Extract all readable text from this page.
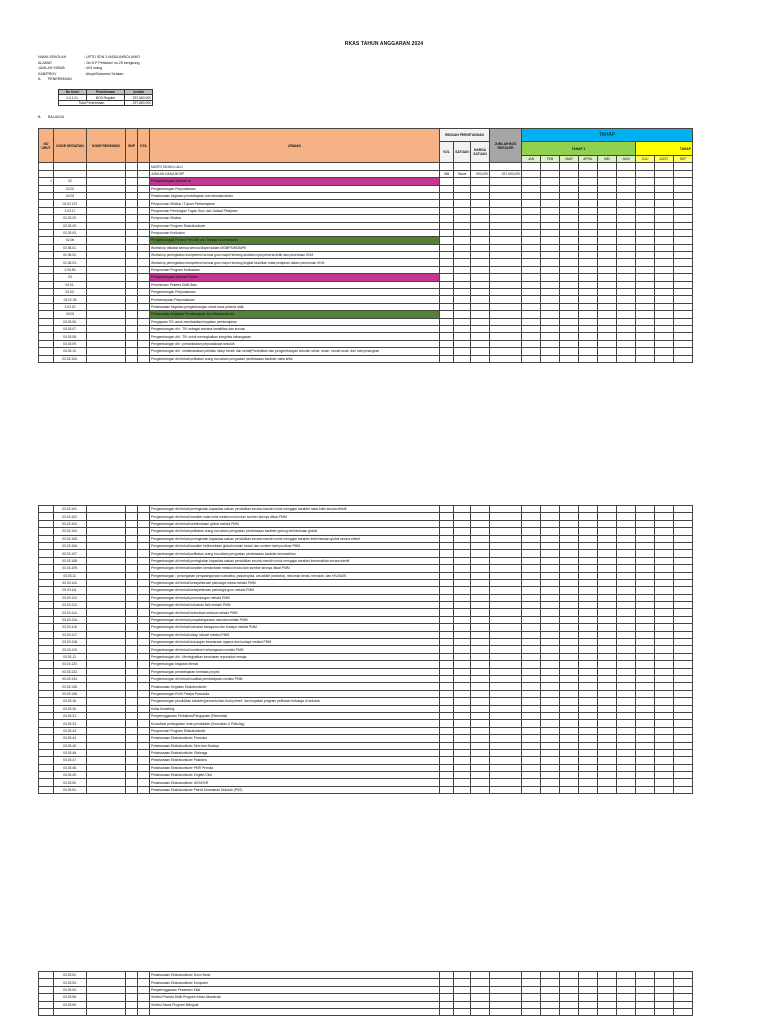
RKAS TAHUN ANGGARAN 2024
NAMA SEKOLAH	: UPTD SDN 3 MADIUN/BOLUMIO
ALAMAT	: Jln.S.P Pettarani no.25 bengkong
JUMLAH SISWA	: 403 orang
KAB/PROV	: Abuja/Sulawesi Selatan
A.	PENERIMAAN
No Kode	Penerimaan	Jumlah
4.3.1.01.	BOS Reguler	297,660,000
Total Penerimaan		297,660,000
B. BALANJA
NO URUT	KODE KEGIATAN	KODE REKENING	SNP	KTA	URAIAN	RINCIAN PERHITUNGAN			JUMLAH BOS REGULER	TAHAP								
						VOL	SATUAN	HARGA SATUAN		TAHAP 1						TAHAP		
										JAN	FEB	MAR	APRIL	MEI	JUNI	JULI	AGST	SEP
					MUSRI TAHUN LALU													
					JUMLAH DANA BOSP	356	Siswa	930,000	297,000,000									
1	02				Pengembangan Standar Isi													
	02.02				Pengembangan Perpustakaan													
	02.03				Pelaksanaan kegiatan pembelajaran dan ekstrakurikuler													
	02.02.137				Penyusunan Silabus / Tujuan Pembelajaran													
	2.03.17				Penyusunan Pembagian Tugas Guru dan Jadwal Pelajaran													
	02.03.20.				Penyusunan Silabus													
	02.03.29.				Penyusunan Program Ekstrakurikuler													
	02.03.03.				Penyusunan Kurikulum													
	02.06				Pengembangan Profesi Pendidik dan Tenaga Kependidikan													
	02.06.01.				Workshop Validasi semua semua Mapel dalam MGMPS/MGMPK													
	02.06.02.				Workshop peningkatan kompetensi semua guru mapel tentang analisis input peserta didik dan penentuan KKM													
	02.06.03.				Workshop peningkatan kompetensi semua guru mapel tentang tingkat kesulitan mata pelajaran dalam penentuan KKM													
	2.06.50				Penyusunan Program Kesiswaan													
	03				Pengembangan Standar Proses													
	03.01.				Penerimaan Peserta Didik Baru													
	03.02.				Pengembangan Perpustakaan													
	03.02.06				Pemberdayaan Perpustakaan													
	3.02.20				Pelaksanaan kegiatan pengembangan minat baca peserta didik													
	03.03				Pelaksanaan Kegiatan Pembelajaran dan Ekstrakurikuler													
	03.03.06.				Pengayaan TIK untuk memfasilitasi kegiatan pembelajaran													
	03.03.07.				Pengembangan diri : TIK sebagai wahana kreatifitas dan inovasi													
	03.03.08.				Pengembangan diri : TIK untuk meningkatkan integritas kebangsaan													
	03.03.09.				Pengembangan diri : pemanfaatan perpustakaan sekolah													
	03.03.10.				Pengembangan diri : melaksanakan perilaku hidup bersih dan sehat(Pendidikan dan pengembangan sekolah sehat, aman, ramah anak, dan menyenangkan													
	03.03.100.				Pengembangan diri terkait pelibatan orang tua dalam penguatan pembiasaan karakter nalar kritis													
	03.03.101.				Pengembangan diri terkait peningkatan kapasitas satuan pendidikan secara mandiri untuk mengajar karakter nalar kritis secara efektif													
	03.03.102.				Pengembangan diri terkait karakter nalar kritis melalui modul dan sumber lainnya diluar PMM													
	03.03.103.				Pengembangan diri terkait kebhinekaan global melalui PMM													
	03.03.104.				Pengembangan diri terkait pelibatan orang tua dalam penguatan pembiasaan karakter gotong kebhinekaan global													
	03.03.105.				Pengembangan diri terkait peningkatan kapasitas satuan pendidikan secara mandiri untuk mengajar karakter kebhinekaan global secara efektif													
	03.03.106.				Pengembangan diri terkait karakter kebhinekaan global melalui modul dan sumber lainnya diluar PMM													
	03.03.107.				Pengembangan diri terkait pelibatan orang tua dalam penguatan pembiasaan karakter kemandirian													
	03.03.108.				Pengembangan diri terkait peningkatan kapasitas satuan pendidikan secara mandiri untuk mengajar karakter kemandirian secara efektif													
	03.03.109.				Pengembangan diri terkait karakter kemandirian melalui modul dan sumber lainnya diluar PMM													
	03.03.11.				Pengembangan : pencegahan penyalahgunaan narkotika, psikotropika, zat adiktif (narkoba), minuman keras, merokok, dan HIV/AIDS													
	03.03.110.				Pengembangan diri terkait kesejahteraan psikologis siswa melalui PMM													
	03.03.111.				Pengembangan diri terkait kesejahteraan psikologis guru melalui PMM													
	03.03.112.				Pengembangan diri terkait perundungan melalui PMM													
	03.03.113.				Pengembangan diri terkait hukuman fisik melalui PMM													
	03.03.114.				Pengembangan diri terkait kekerasan seksual melalui PMM													
	03.03.115.				Pengembangan diri terkait penyalahgunaan narkoba melalui PMM													
	03.03.116.				Pengembangan diri terkait toleransi beragama dan budaya melalui PMM													
	03.03.117.				Pengembangan diri terkait sikap inklusif melalui PMM													
	03.03.118.				Pengembangan diri terkait dukungan kesetaraan agama dan budaya melalui PMM													
	03.03.119.				Pengembangan diri terkait komitmen kebangsaan melalui PMM													
	03.03.12.				Pengembangan diri : Meningkatkan kesehatan reproduksi remaja													
	03.03.120.				Pengembangan kegiatan literasi													
	03.03.132.				Pengembangan pembelajaran berbasis proyek													
	03.03.134.				Pengembangan diri terkait kualitas pembelajaran melalui PMM													
	03.03.135.				Pelaksanaan Kegiatan Ekstrakurikuler													
	03.03.136.				Pengembangan Profil Pelajar Pancasila													
	03.03.16.				Pengembangan pendidikan karakter(penumbuhan budi pekerti, dan kegiatan program pelibatan keluarga di sekolah													
	03.03.30.				Kelas Modelling													
	03.03.31.				Penyelenggaraan Perbaikan/Pengayaan (Remedial)													
	03.03.33.				Konsultasi peningkatan mutu pendidikan (Konsultan & Psikolog)													
	03.03.43.				Penyusunan Program Ekstrakurikuler													
	03.03.44.				Pelaksanaan Ekstrakurikuler Pramuka													
	03.03.45.				Pelaksanaan Ekstrakurikuler Seni dan Budaya													
	03.03.46.				Pelaksanaan Ekstrakurikuler Olahraga													
	03.03.47.				Pelaksanaan Ekstrakurikuler Paskibra													
	03.03.48.				Pelaksanaan Ekstrakurikuler PMR Pemula													
	03.03.49.				Pelaksanaan Ekstrakurikuler English Club													
	03.03.50.				Pelaksanaan Ekstrakurikuler UKS/KKR													
	03.03.51.				Pelaksanaan Ekstrakurikuler Patroli Keamanan Sekolah (PKS)													
	03.03.52.				Pelaksanaan Ekstrakurikuler Drum Band													
	03.03.53.				Pelaksanaan Ekstrakurikuler Komputer													
	03.03.54.				Penyelenggaraan Pesantren Kilat													
	03.03.58.				Seleksi Peserta Didik Program Kelas Akselerasi													
	03.03.59.				Seleksi Siswa Program Bilingual													
